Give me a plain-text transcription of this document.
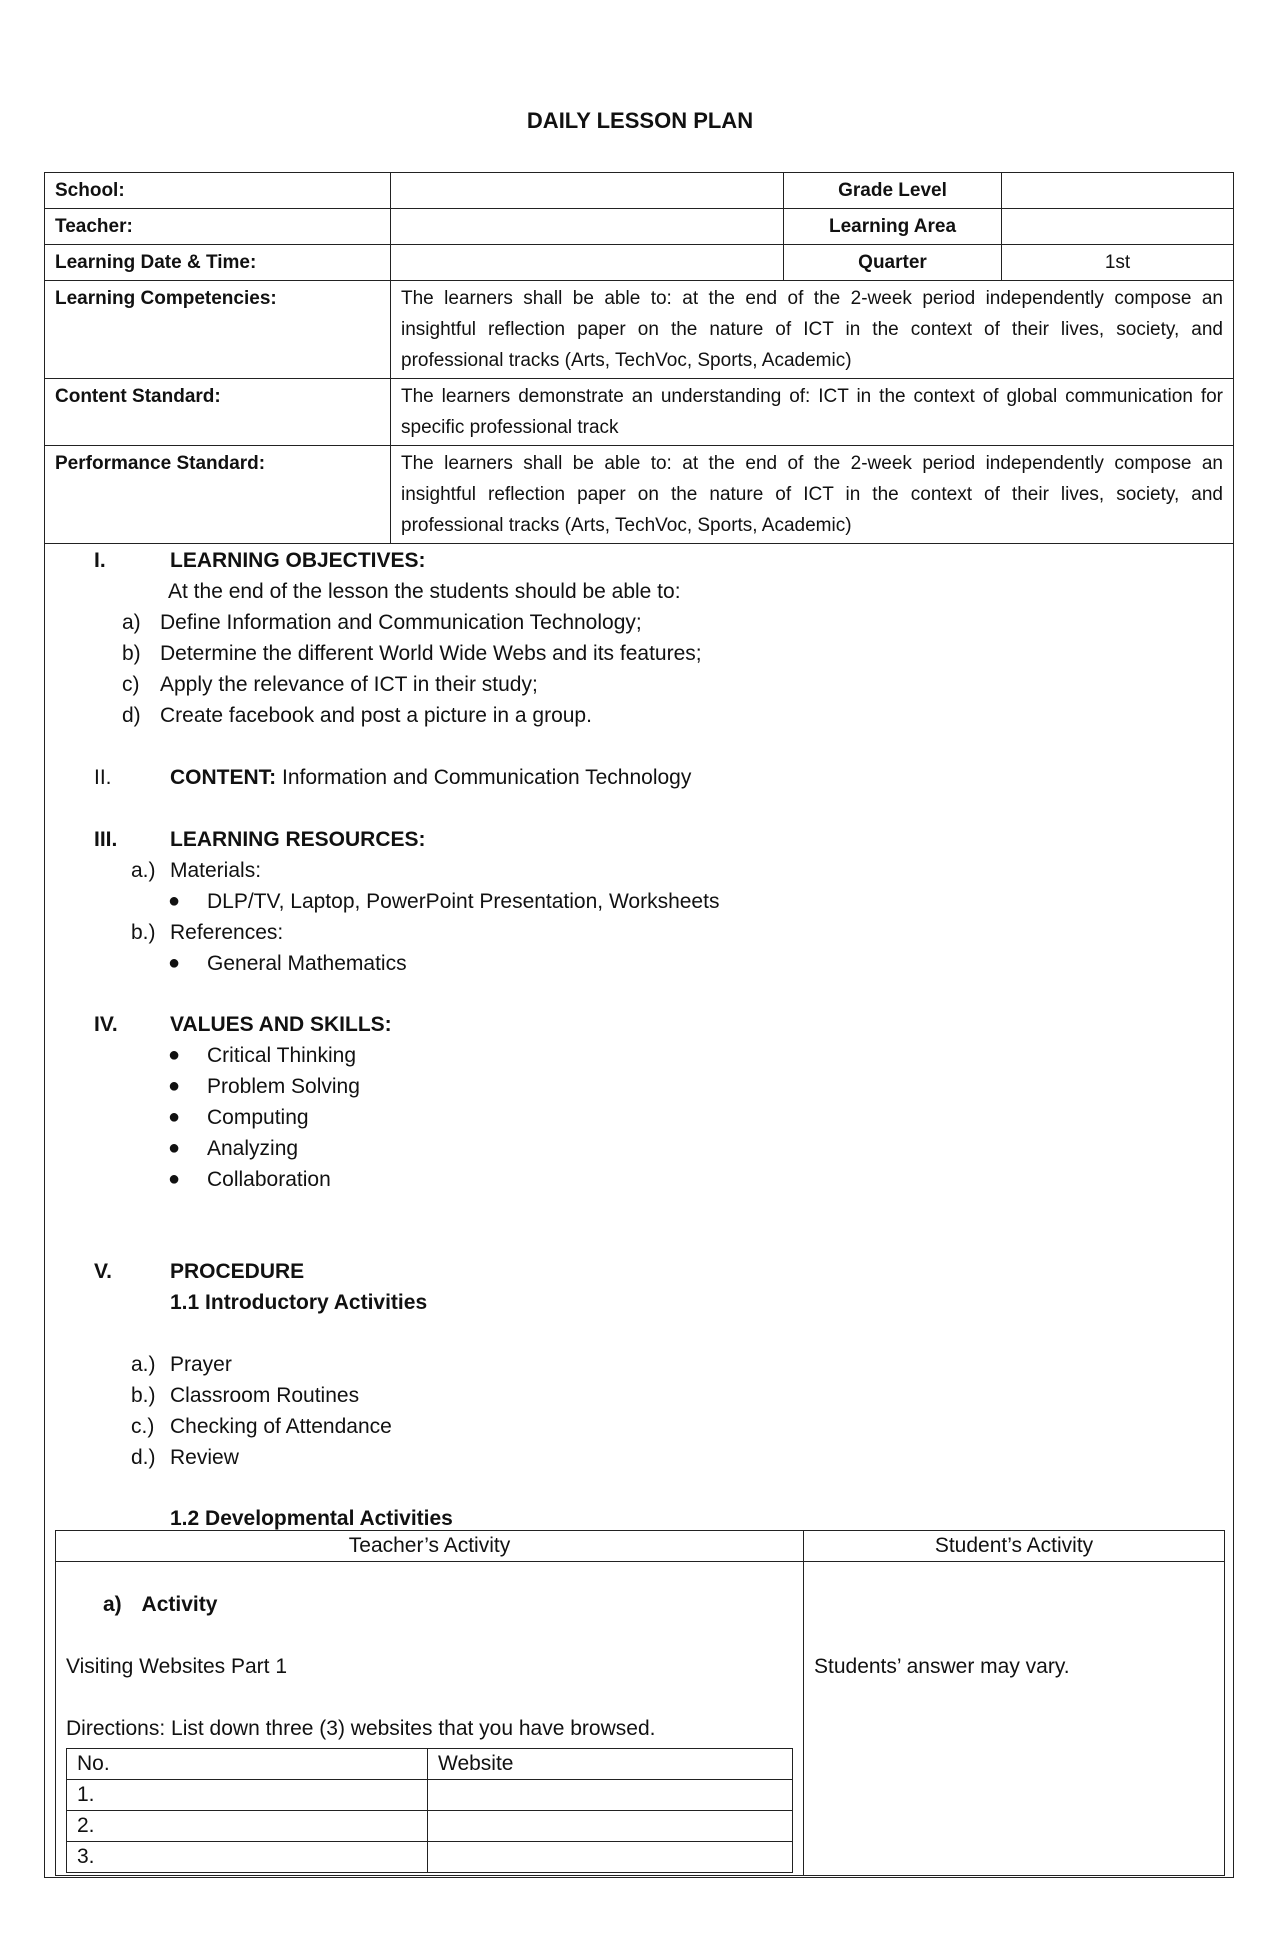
DAILY LESSON PLAN
School:		Grade Level	
Teacher:		Learning Area	
Learning Date & Time:		Quarter	1st
Learning Competencies:	The learners shall be able to: at the end of the 2-week period independently compose an insightful reflection paper on the nature of ICT in the context of their lives, society, and professional tracks (Arts, TechVoc, Sports, Academic)		
Content Standard:	The learners demonstrate an understanding of: ICT in the context of global communication for specific professional track		
Performance Standard:	The learners shall be able to: at the end of the 2-week period independently compose an insightful reflection paper on the nature of ICT in the context of their lives, society, and professional tracks (Arts, TechVoc, Sports, Academic)		
I.	LEARNING OBJECTIVES:
At the end of the lesson the students should be able to:
a) Define Information and Communication Technology;
b) Determine the different World Wide Webs and its features;
c) Apply the relevance of ICT in their study;
d) Create facebook and post a picture in a group.
II.	CONTENT: Information and Communication Technology
III.	LEARNING RESOURCES:
a.) Materials:
● DLP/TV, Laptop, PowerPoint Presentation, Worksheets
b.) References:
● General Mathematics
IV. VALUES AND SKILLS:
● Critical Thinking
● Problem Solving
● Computing
● Analyzing
● Collaboration
V.	PROCEDURE
1.1 Introductory Activities
a.) Prayer
b.) Classroom Routines
c.) Checking of Attendance
d.) Review
1.2 Developmental Activities
Teacher’s Activity	Student’s Activity

a) Activity
Visiting Websites Part 1
Directions: List down three (3) websites that you have browsed.
No.	Website
1.	
2.	
3.	

Students’ answer may vary.
